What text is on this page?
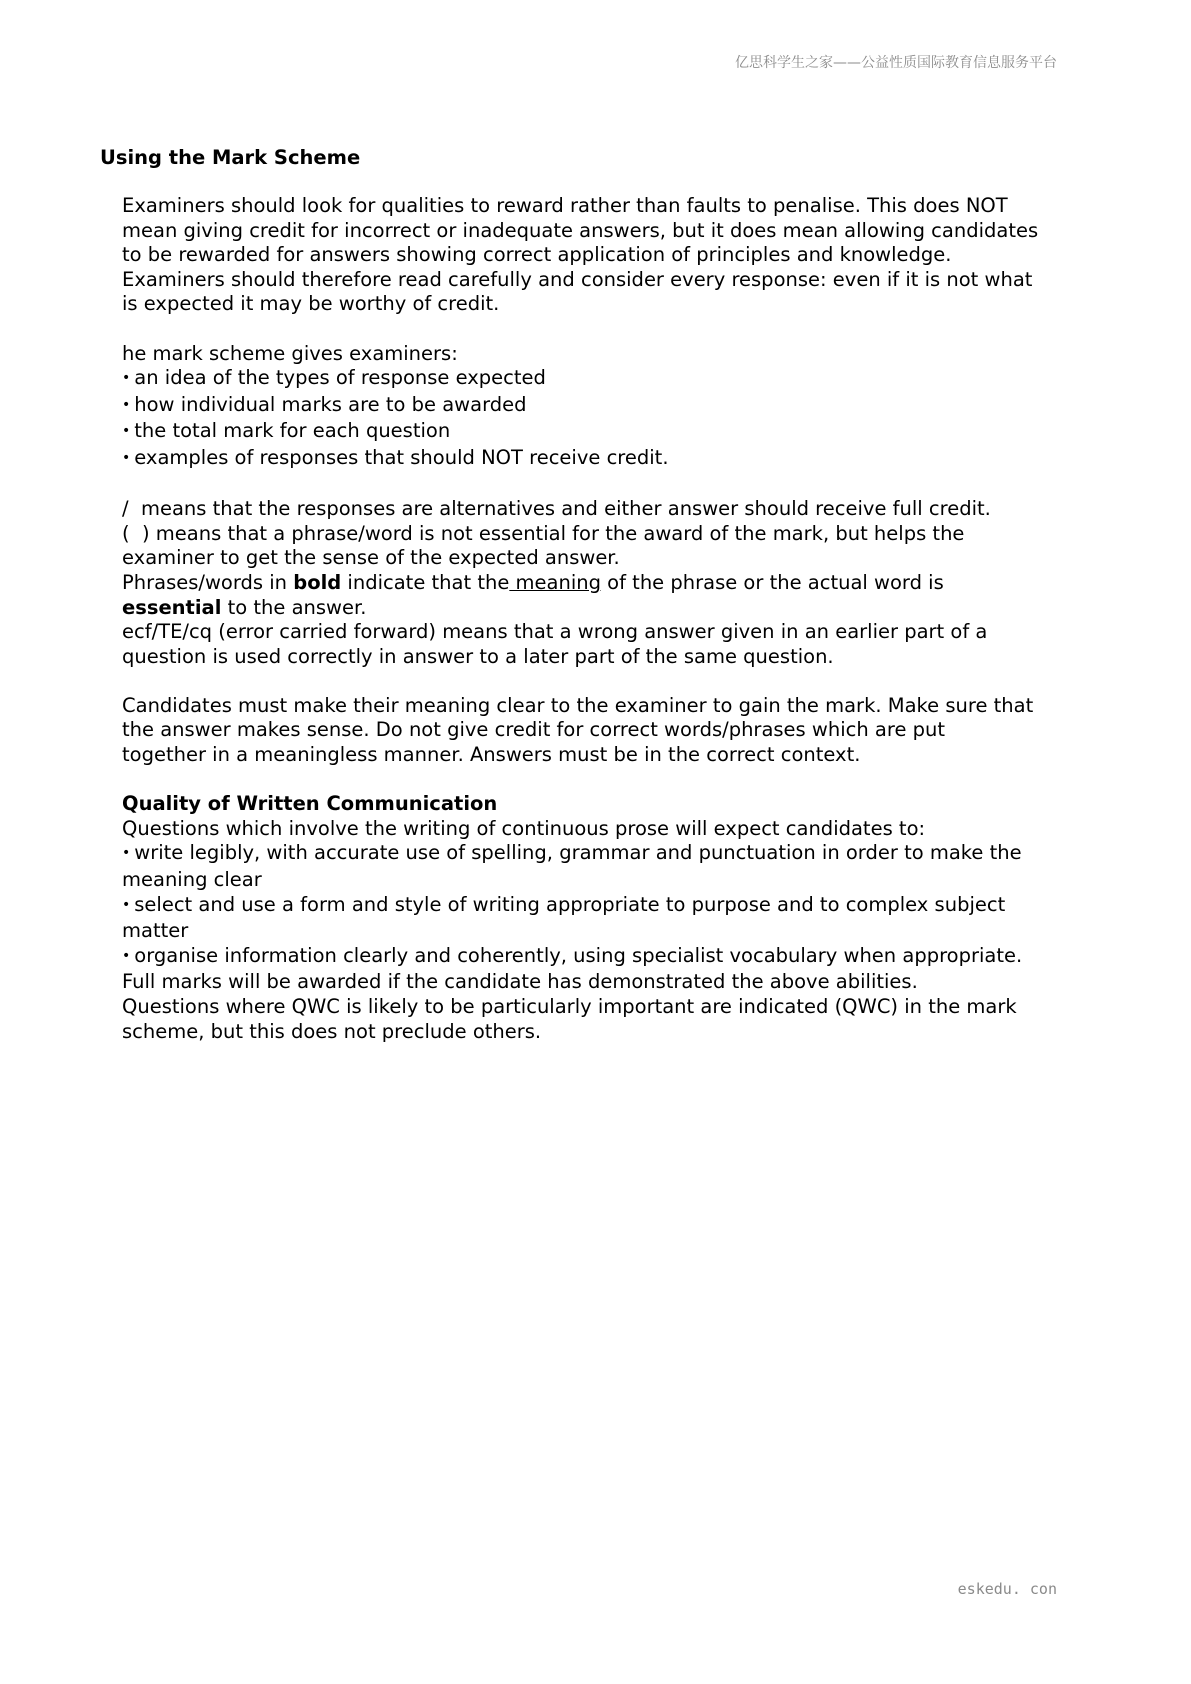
亿思科学生之家——公益性质国际教育信息服务平台
Using the Mark Scheme

Examiners should look for qualities to reward rather than faults to penalise. This does NOT

mean giving credit for incorrect or inadequate answers, but it does mean allowing candidates

to be rewarded for answers showing correct application of principles and knowledge.

Examiners should therefore read carefully and consider every response: even if it is not what

is expected it may be worthy of credit.

he mark scheme gives examiners:

• an idea of the types of response expected

• how individual marks are to be awarded

• the total mark for each question

• examples of responses that should NOT receive credit.

/  means that the responses are alternatives and either answer should receive full credit.

(  ) means that a phrase/word is not essential for the award of the mark, but helps the

examiner to get the sense of the expected answer.

Phrases/words in bold indicate that the meaning of the phrase or the actual word is

essential to the answer.

ecf/TE/cq (error carried forward) means that a wrong answer given in an earlier part of a

question is used correctly in answer to a later part of the same question.

Candidates must make their meaning clear to the examiner to gain the mark. Make sure that

the answer makes sense. Do not give credit for correct words/phrases which are put

together in a meaningless manner. Answers must be in the correct context.

Quality of Written Communication

Questions which involve the writing of continuous prose will expect candidates to:

• write legibly, with accurate use of spelling, grammar and punctuation in order to make the

meaning clear

• select and use a form and style of writing appropriate to purpose and to complex subject

matter

• organise information clearly and coherently, using specialist vocabulary when appropriate.

Full marks will be awarded if the candidate has demonstrated the above abilities.

Questions where QWC is likely to be particularly important are indicated (QWC) in the mark

scheme, but this does not preclude others.

eskedu. con
